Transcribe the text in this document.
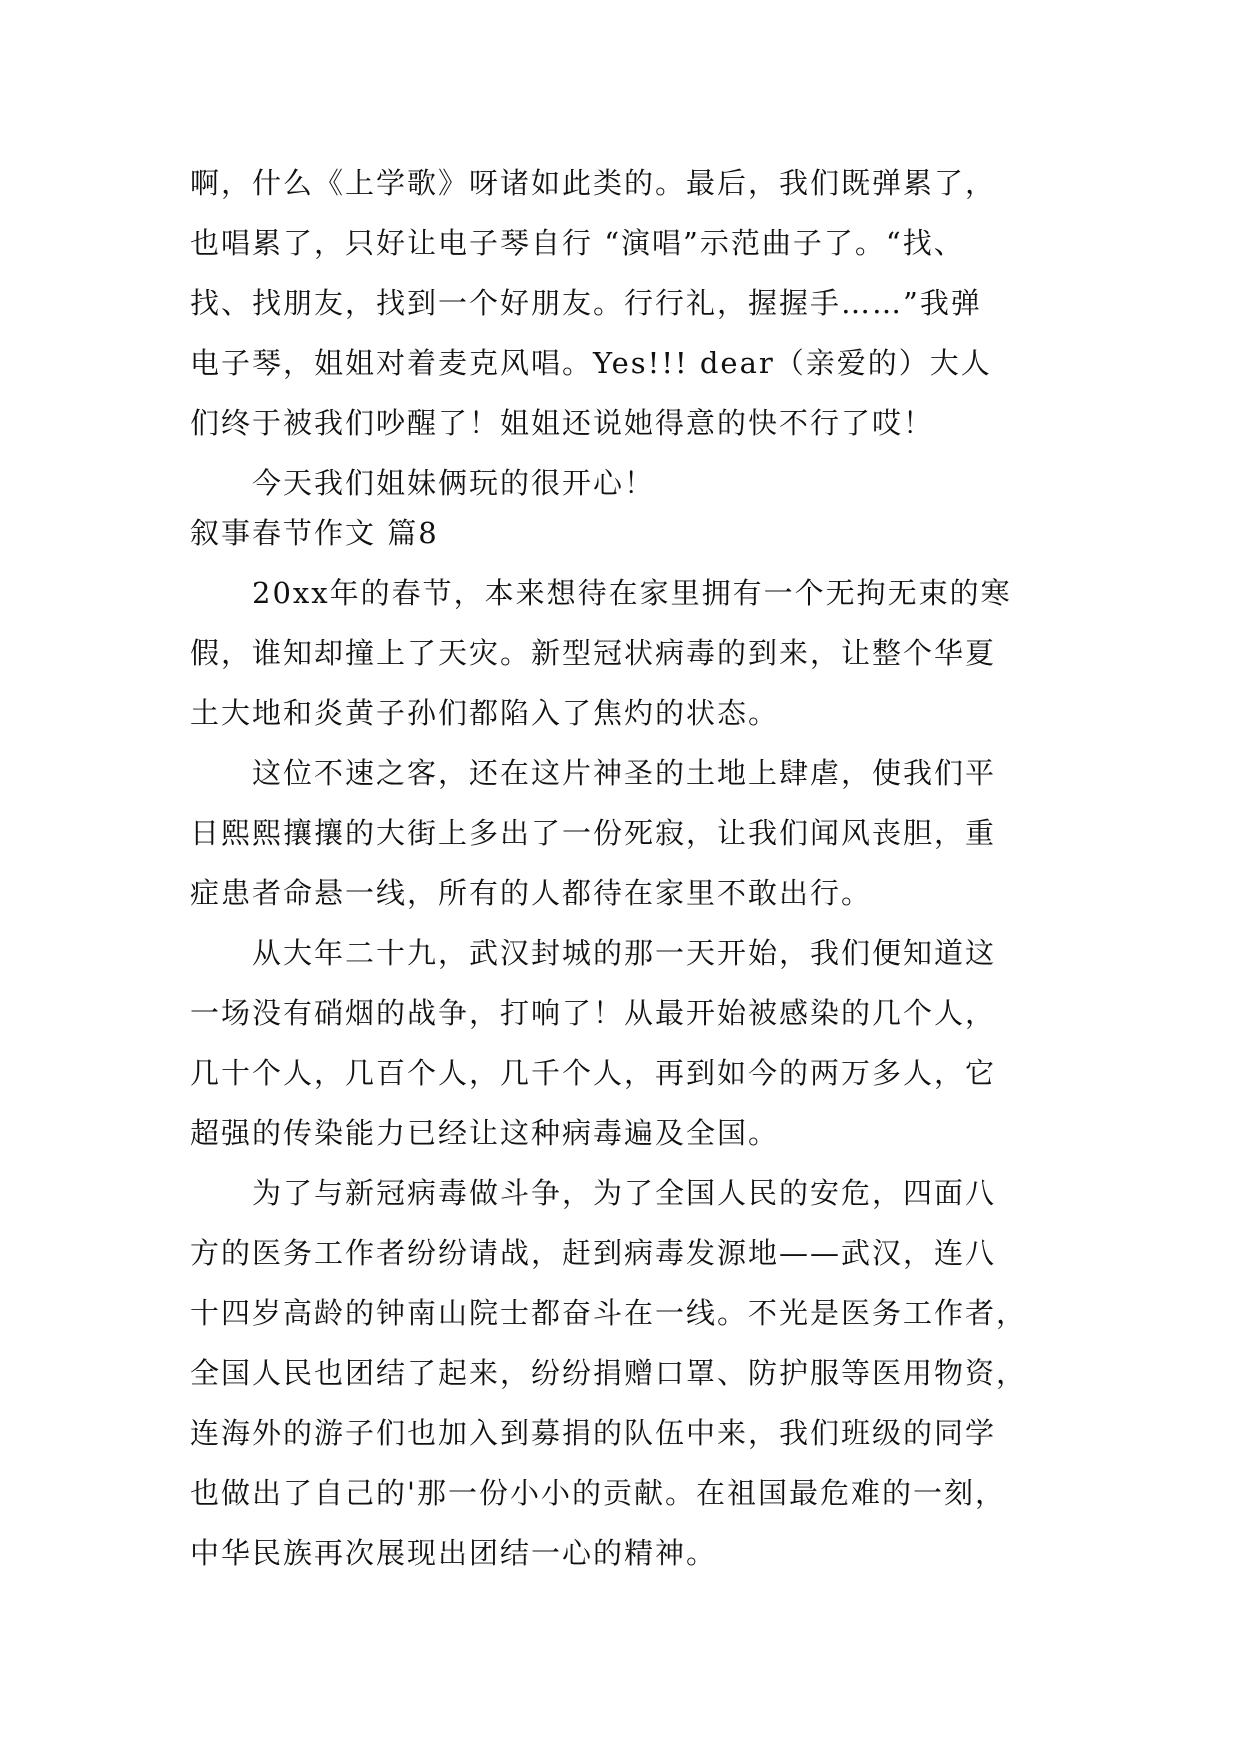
啊，什么《上学歌》呀诸如此类的。最后，我们既弹累了，
也唱累了，只好让电子琴自行 “演唱”示范曲子了。“找、
找、找朋友，找到一个好朋友。行行礼，握握手……”我弹
电子琴，姐姐对着麦克风唱。Yes!!! dear（亲爱的）大人
们终于被我们吵醒了！姐姐还说她得意的快不行了哎！
今天我们姐妹俩玩的很开心！
叙事春节作文 篇8
20xx年的春节，本来想待在家里拥有一个无拘无束的寒
假，谁知却撞上了天灾。新型冠状病毒的到来，让整个华夏
土大地和炎黄子孙们都陷入了焦灼的状态。
这位不速之客，还在这片神圣的土地上肆虐，使我们平
日熙熙攘攘的大街上多出了一份死寂，让我们闻风丧胆，重
症患者命悬一线，所有的人都待在家里不敢出行。
从大年二十九，武汉封城的那一天开始，我们便知道这
一场没有硝烟的战争，打响了！从最开始被感染的几个人，
几十个人，几百个人，几千个人，再到如今的两万多人，它
超强的传染能力已经让这种病毒遍及全国。
为了与新冠病毒做斗争，为了全国人民的安危，四面八
方的医务工作者纷纷请战，赶到病毒发源地——武汉，连八
十四岁高龄的钟南山院士都奋斗在一线。不光是医务工作者，
全国人民也团结了起来，纷纷捐赠口罩、防护服等医用物资，
连海外的游子们也加入到募捐的队伍中来，我们班级的同学
也做出了自己的'那一份小小的贡献。在祖国最危难的一刻，
中华民族再次展现出团结一心的精神。
